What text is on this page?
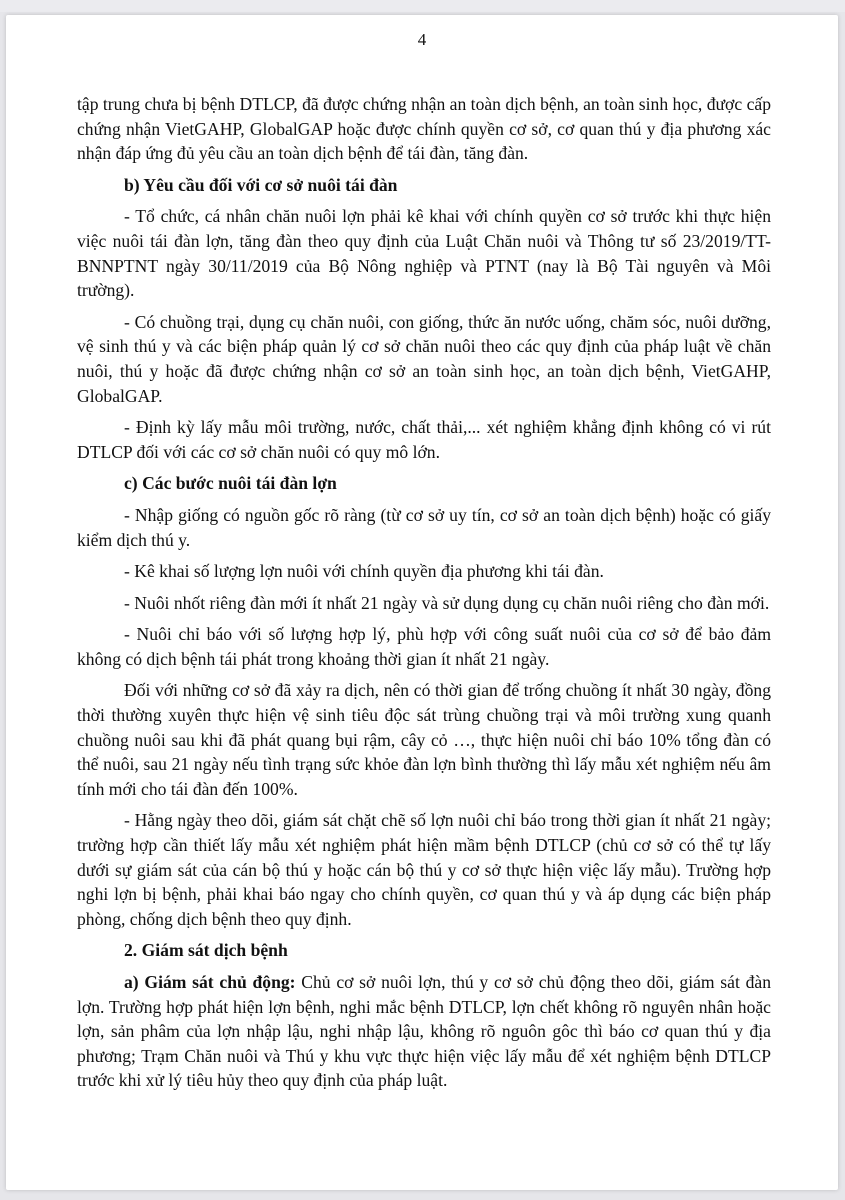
4

tập trung chưa bị bệnh DTLCP, đã được chứng nhận an toàn dịch bệnh, an toàn sinh học, được cấp chứng nhận VietGAHP, GlobalGAP hoặc được chính quyền cơ sở, cơ quan thú y địa phương xác nhận đáp ứng đủ yêu cầu an toàn dịch bệnh để tái đàn, tăng đàn.

b) Yêu cầu đối với cơ sở nuôi tái đàn

- Tổ chức, cá nhân chăn nuôi lợn phải kê khai với chính quyền cơ sở trước khi thực hiện việc nuôi tái đàn lợn, tăng đàn theo quy định của Luật Chăn nuôi và Thông tư số 23/2019/TT-BNNPTNT ngày 30/11/2019 của Bộ Nông nghiệp và PTNT (nay là Bộ Tài nguyên và Môi trường).

- Có chuồng trại, dụng cụ chăn nuôi, con giống, thức ăn nước uống, chăm sóc, nuôi dưỡng, vệ sinh thú y và các biện pháp quản lý cơ sở chăn nuôi theo các quy định của pháp luật về chăn nuôi, thú y hoặc đã được chứng nhận cơ sở an toàn sinh học, an toàn dịch bệnh, VietGAHP, GlobalGAP.

- Định kỳ lấy mẫu môi trường, nước, chất thải,... xét nghiệm khẳng định không có vi rút DTLCP đối với các cơ sở chăn nuôi có quy mô lớn.

c) Các bước nuôi tái đàn lợn

- Nhập giống có nguồn gốc rõ ràng (từ cơ sở uy tín, cơ sở an toàn dịch bệnh) hoặc có giấy kiểm dịch thú y.

- Kê khai số lượng lợn nuôi với chính quyền địa phương khi tái đàn.

- Nuôi nhốt riêng đàn mới ít nhất 21 ngày và sử dụng dụng cụ chăn nuôi riêng cho đàn mới.

- Nuôi chỉ báo với số lượng hợp lý, phù hợp với công suất nuôi của cơ sở để bảo đảm không có dịch bệnh tái phát trong khoảng thời gian ít nhất 21 ngày.

Đối với những cơ sở đã xảy ra dịch, nên có thời gian để trống chuồng ít nhất 30 ngày, đồng thời thường xuyên thực hiện vệ sinh tiêu độc sát trùng chuồng trại và môi trường xung quanh chuồng nuôi sau khi đã phát quang bụi rậm, cây cỏ …, thực hiện nuôi chỉ báo 10% tổng đàn có thể nuôi, sau 21 ngày nếu tình trạng sức khỏe đàn lợn bình thường thì lấy mẫu xét nghiệm nếu âm tính mới cho tái đàn đến 100%.

- Hằng ngày theo dõi, giám sát chặt chẽ số lợn nuôi chỉ báo trong thời gian ít nhất 21 ngày; trường hợp cần thiết lấy mẫu xét nghiệm phát hiện mầm bệnh DTLCP (chủ cơ sở có thể tự lấy dưới sự giám sát của cán bộ thú y hoặc cán bộ thú y cơ sở thực hiện việc lấy mẫu). Trường hợp nghi lợn bị bệnh, phải khai báo ngay cho chính quyền, cơ quan thú y và áp dụng các biện pháp phòng, chống dịch bệnh theo quy định.

2. Giám sát dịch bệnh

a) Giám sát chủ động: Chủ cơ sở nuôi lợn, thú y cơ sở chủ động theo dõi, giám sát đàn lợn. Trường hợp phát hiện lợn bệnh, nghi mắc bệnh DTLCP, lợn chết không rõ nguyên nhân hoặc lợn, sản phâm của lợn nhập lậu, nghi nhập lậu, không rõ nguôn gôc thì báo cơ quan thú y địa phương; Trạm Chăn nuôi và Thú y khu vực thực hiện việc lấy mẫu để xét nghiệm bệnh DTLCP trước khi xử lý tiêu hủy theo quy định của pháp luật.
